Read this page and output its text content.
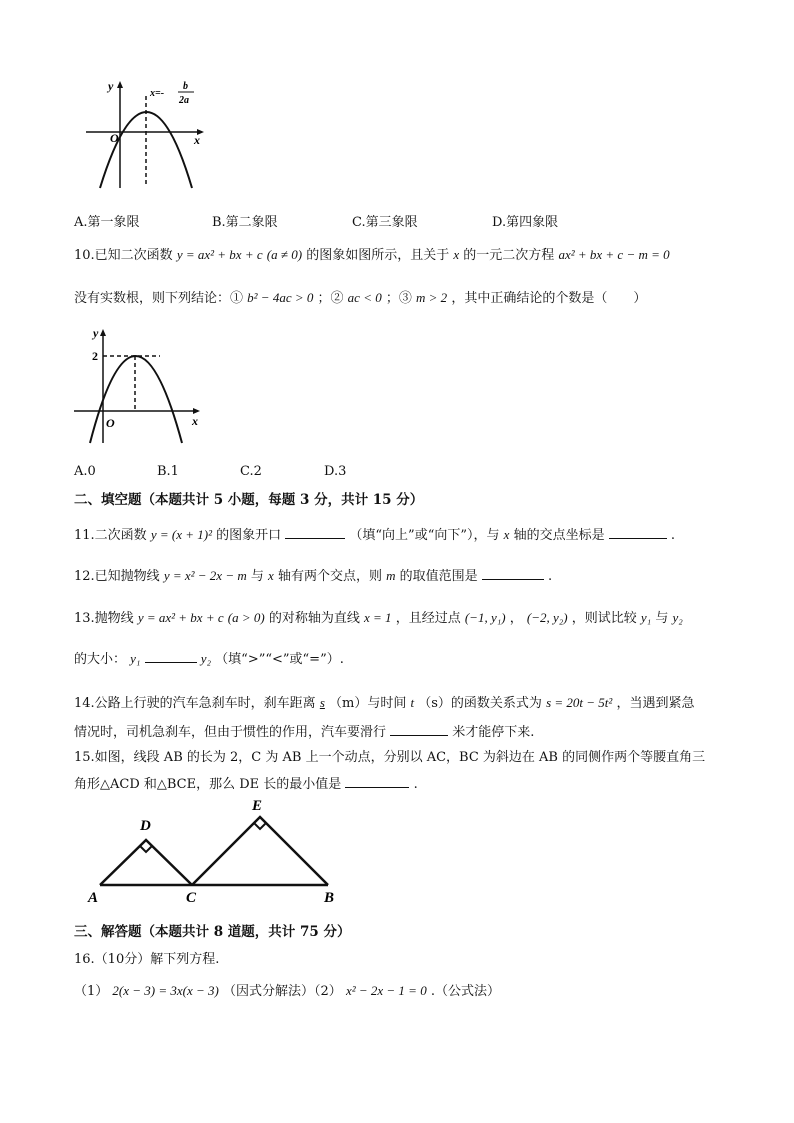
y
x
O
x=-
b
2a
A.第一象限	B.第二象限	C.第三象限	D.第四象限
10.已知二次函数 y = ax² + bx + c (a ≠ 0) 的图象如图所示，且关于 x 的一元二次方程 ax² + bx + c − m = 0
没有实数根，则下列结论：① b² − 4ac > 0 ；② ac < 0 ；③ m > 2 ，其中正确结论的个数是（　　）
y
x
O
2
A.0	B.1	C.2	D.3
二、填空题（本题共计 5 小题，每题 3 分，共计 15 分）
11.二次函数 y = (x + 1)² 的图象开口	（填“向上”或“向下”），与 x 轴的交点坐标是	.
12.已知抛物线 y = x² − 2x − m 与 x 轴有两个交点，则 m 的取值范围是	.
13.抛物线 y = ax² + bx + c (a > 0) 的对称轴为直线 x = 1 ，且经过点 (−1, y₁) ， (−2, y₂) ，则试比较 y₁ 与 y₂
的大小： y₁	y₂ （填“>”“<”或“=”）.
14.公路上行驶的汽车急刹车时，刹车距离 s （m）与时间 t （s）的函数关系式为 s = 20t − 5t² ，当遇到紧急
情况时，司机急刹车，但由于惯性的作用，汽车要滑行	米才能停下来.
15.如图，线段 AB 的长为 2，C 为 AB 上一个动点，分别以 AC，BC 为斜边在 AB 的同侧作两个等腰直角三
角形△ACD 和△BCE，那么 DE 长的最小值是	.
A	C	B
D
E
三、解答题（本题共计 8 道题，共计 75 分）
16.（10分）解下列方程.
（1） 2(x − 3) = 3x(x − 3) （因式分解法）（2） x² − 2x − 1 = 0 .（公式法）
